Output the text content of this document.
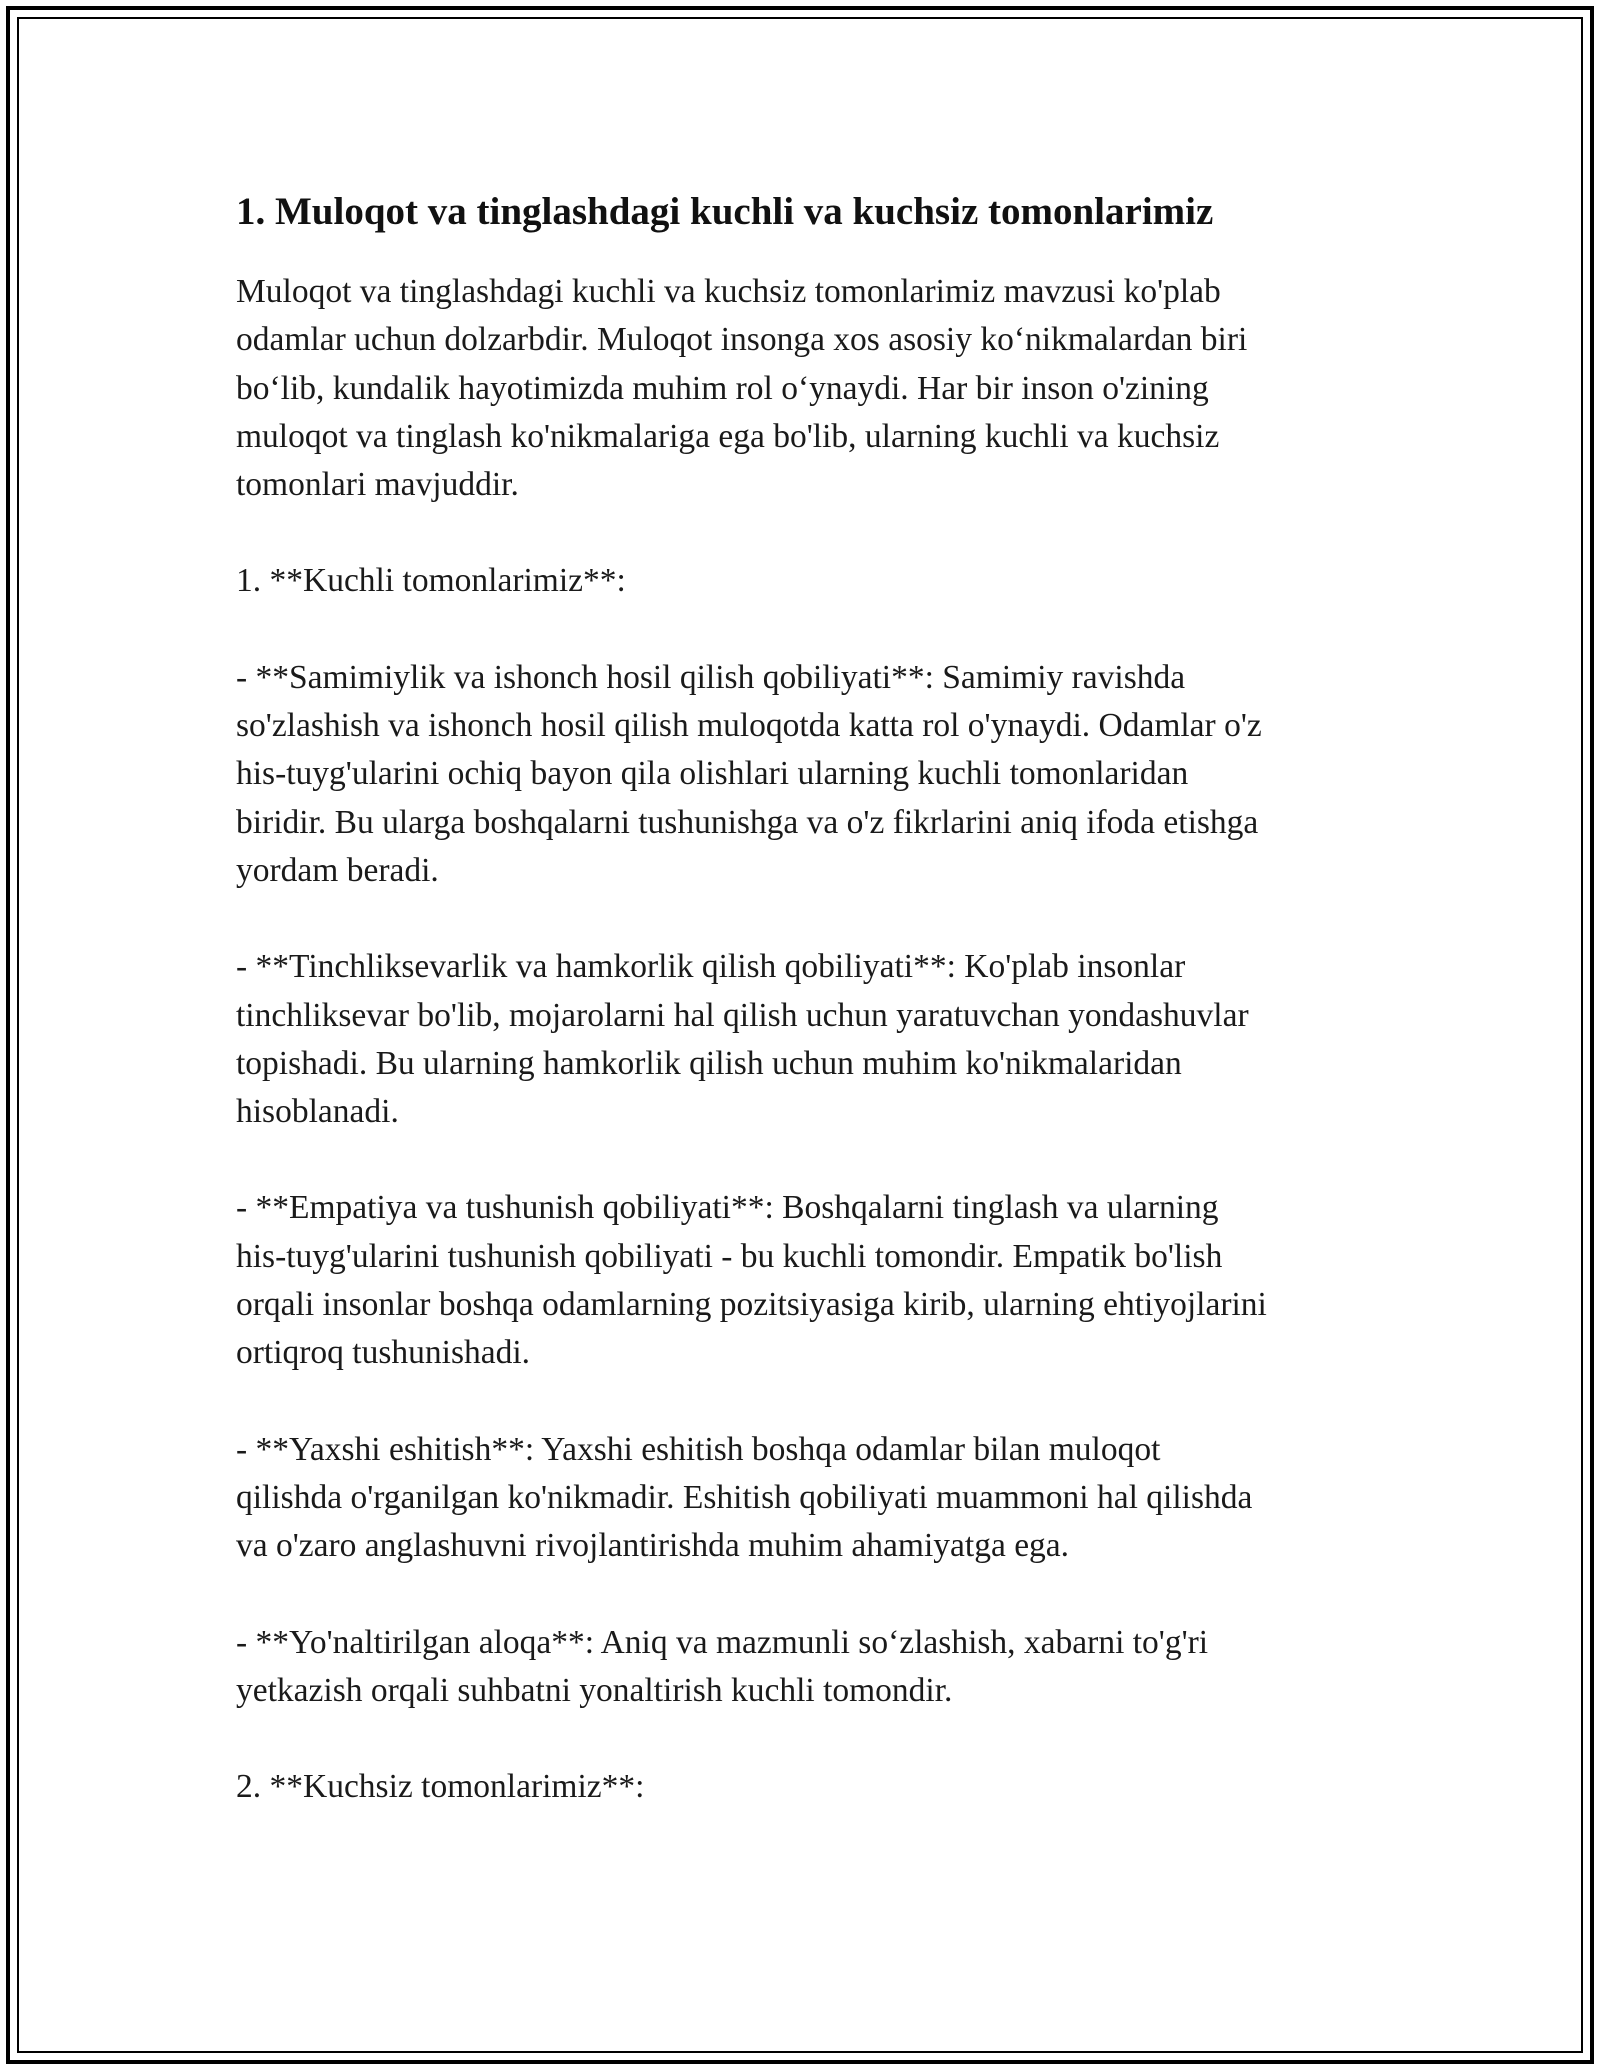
1. Muloqot va tinglashdagi kuchli va kuchsiz tomonlarimiz

Muloqot va tinglashdagi kuchli va kuchsiz tomonlarimiz mavzusi ko'plab
odamlar uchun dolzarbdir. Muloqot insonga xos asosiy ko‘nikmalardan biri
bo‘lib, kundalik hayotimizda muhim rol o‘ynaydi. Har bir inson o'zining
muloqot va tinglash ko'nikmalariga ega bo'lib, ularning kuchli va kuchsiz
tomonlari mavjuddir.

1. **Kuchli tomonlarimiz**:

- **Samimiylik va ishonch hosil qilish qobiliyati**: Samimiy ravishda
so'zlashish va ishonch hosil qilish muloqotda katta rol o'ynaydi. Odamlar o'z
his-tuyg'ularini ochiq bayon qila olishlari ularning kuchli tomonlaridan
biridir. Bu ularga boshqalarni tushunishga va o'z fikrlarini aniq ifoda etishga
yordam beradi.

- **Tinchliksevarlik va hamkorlik qilish qobiliyati**: Ko'plab insonlar
tinchliksevar bo'lib, mojarolarni hal qilish uchun yaratuvchan yondashuvlar
topishadi. Bu ularning hamkorlik qilish uchun muhim ko'nikmalaridan
hisoblanadi.

- **Empatiya va tushunish qobiliyati**: Boshqalarni tinglash va ularning
his-tuyg'ularini tushunish qobiliyati - bu kuchli tomondir. Empatik bo'lish
orqali insonlar boshqa odamlarning pozitsiyasiga kirib, ularning ehtiyojlarini
ortiqroq tushunishadi.

- **Yaxshi eshitish**: Yaxshi eshitish boshqa odamlar bilan muloqot
qilishda o'rganilgan ko'nikmadir. Eshitish qobiliyati muammoni hal qilishda
va o'zaro anglashuvni rivojlantirishda muhim ahamiyatga ega.

- **Yo'naltirilgan aloqa**: Aniq va mazmunli so‘zlashish, xabarni to'g'ri
yetkazish orqali suhbatni yonaltirish kuchli tomondir.

2. **Kuchsiz tomonlarimiz**:
